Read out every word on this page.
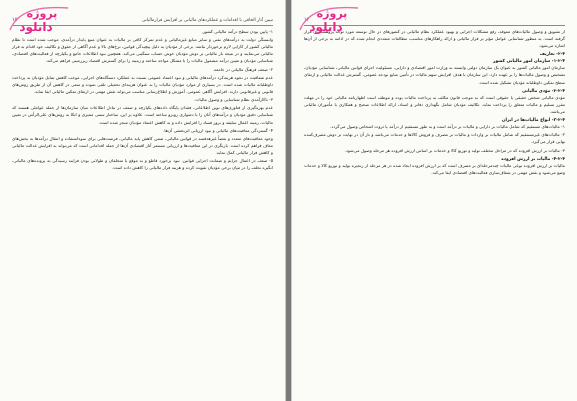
پروژه
دانلود	تبیین آثار الحاقی با اقدامات و عملکردهای مالیاتی بر افزایش فرارمالیاتی
۱۵

۱- پایین بودن سطح درآمد مالیاتی کشور.

وابستگی دولت به درآمدهای نفتی و سایر منابع غیرمالیاتی و عدم تمرکز کافی بر مالیات به عنوان منبع پایدار درآمدی، موجب شده است تا نظام مالیاتی کشور از کارایی لازم برخوردار نباشد. برخی از مؤدیان به دلیل پیچیدگی قوانین، نرخ‌های بالا و عدم آگاهی از حقوق و تکالیف خود اقدام به فرار مالیاتی می‌نمایند و در نتیجه بار مالیاتی بر دوش مؤدیان خوش حساب سنگینی می‌کند. همچنین نبود اطلاعات جامع و یکپارچه از فعالیت‌های اقتصادی، شناسایی مؤدیان و تعیین درآمد مشمول مالیات را با مشکل مواجه ساخته و زمینه را برای گسترش اقتصاد زیرزمینی فراهم می‌کند.

۲- ضعف فرهنگ مالیاتی در جامعه.

عدم شفافیت در نحوه هزینه‌کرد درآمدهای مالیاتی و نبود اعتماد عمومی نسبت به عملکرد دستگاه‌های اجرایی، موجب کاهش تمایل مؤدیان به پرداخت داوطلبانه مالیات شده است. در بسیاری از موارد مؤدیان مالیات را به عنوان هزینه‌ای تحمیلی تلقی نموده و سعی در کاهش آن از طریق روش‌های قانونی و غیرقانونی دارند. افزایش آگاهی عمومی، آموزش و اطلاع‌رسانی مناسب می‌تواند نقش مهمی در ارتقای تمکین مالیاتی ایفا نماید.

۳- ناکارآمدی نظام شناسایی و وصول مالیات.

عدم بهره‌گیری از فناوری‌های نوین اطلاعاتی، فقدان پایگاه داده‌های یکپارچه و ضعف در تبادل اطلاعات میان سازمان‌ها از جمله عواملی هستند که شناسایی دقیق مؤدیان و درآمدهای آنان را با دشواری روبرو ساخته است. علاوه بر این، ساختار سنتی ممیزی و اتکا به روش‌های علی‌الرأس در تعیین مالیات، زمینه اعمال سلیقه و بروز فساد را افزایش داده و به کاهش اعتماد مؤدیان منجر شده است.

۴- گستردگی معافیت‌های مالیاتی و نبود ارزیابی اثربخشی آن‌ها.

وجود معافیت‌های متعدد و بعضاً غیرهدفمند در قوانین مالیاتی، ضمن کاهش پایه مالیاتی، فرصت‌هایی برای سوءاستفاده و انتقال درآمدها به بخش‌های معاف فراهم کرده است. بازنگری در این معافیت‌ها و ارزیابی مستمر آثار اقتصادی آن‌ها از جمله اقداماتی است که می‌تواند به افزایش عدالت مالیاتی و کاهش فرار مالیاتی کمک نماید.

۵- ضعف در اعمال جرایم و ضمانت اجرایی قوانین. نبود برخورد قاطع و به موقع با متخلفان و طولانی بودن فرایند رسیدگی به پرونده‌های مالیاتی، انگیزه تخلف را در میان برخی مؤدیان تقویت کرده و هزینه فرار مالیاتی را کاهش داده است.

پروژه
دانلود
۱۴

از تشویق و وصول مالیات‌های معوقه، رفع مشکلات اجرایی و بهبود عملکرد نظام مالیاتی در کشورهای در حال توسعه مورد توجه پژوهشگران قرار گرفته است. به منظور شناسایی عوامل مؤثر بر فرار مالیاتی و ارائه راهکارهای مناسب، مطالعات متعددی انجام شده که در ادامه به برخی از آن‌ها اشاره می‌شود.

۲-۴- تعاریف

۱-۲-۴- سازمان امور مالیاتی کشور

سازمان امور مالیاتی کشور به عنوان یک سازمان دولتی وابسته به وزارت امور اقتصادی و دارایی، مسئولیت اجرای قوانین مالیاتی، شناسایی مؤدیان، تشخیص و وصول مالیات‌ها را بر عهده دارد. این سازمان با هدف افزایش سهم مالیات در تأمین منابع بودجه عمومی، گسترش عدالت مالیاتی و ارتقای سطح تمکین داوطلبانه مؤدیان تشکیل شده است.

۲-۲-۴- مؤدی مالیاتی

مؤدی مالیاتی شخص حقیقی یا حقوقی است که به موجب قانون مکلف به پرداخت مالیات بوده و موظف است اظهارنامه مالیاتی خود را در مهلت مقرر تسلیم و مالیات متعلق را پرداخت نماید. تکالیف مؤدیان شامل نگهداری دفاتر و اسناد، ارائه اطلاعات صحیح و همکاری با مأموران مالیاتی می‌باشد.

۳-۲-۴- انواع مالیات‌ها در ایران

۱- مالیات‌های مستقیم که شامل مالیات بر دارایی و مالیات بر درآمد است و به طور مستقیم از درآمد یا ثروت اشخاص وصول می‌گردد.

۲- مالیات‌های غیرمستقیم که شامل مالیات بر واردات و مالیات بر مصرف و فروش کالاها و خدمات می‌باشد و بار آن در نهایت بر دوش مصرف‌کننده نهایی قرار می‌گیرد.

۳- مالیات بر ارزش افزوده که در مراحل مختلف تولید و توزیع کالا و خدمات بر اساس ارزش افزوده هر مرحله وصول می‌شود.

۴-۲-۴- مالیات بر ارزش افزوده

مالیات بر ارزش افزوده نوعی مالیات چندمرحله‌ای بر مصرف است که بر ارزش افزوده ایجاد شده در هر مرحله از زنجیره تولید و توزیع کالا و خدمات وضع می‌شود و نقش مهمی در شفاف‌سازی فعالیت‌های اقتصادی ایفا می‌کند.
